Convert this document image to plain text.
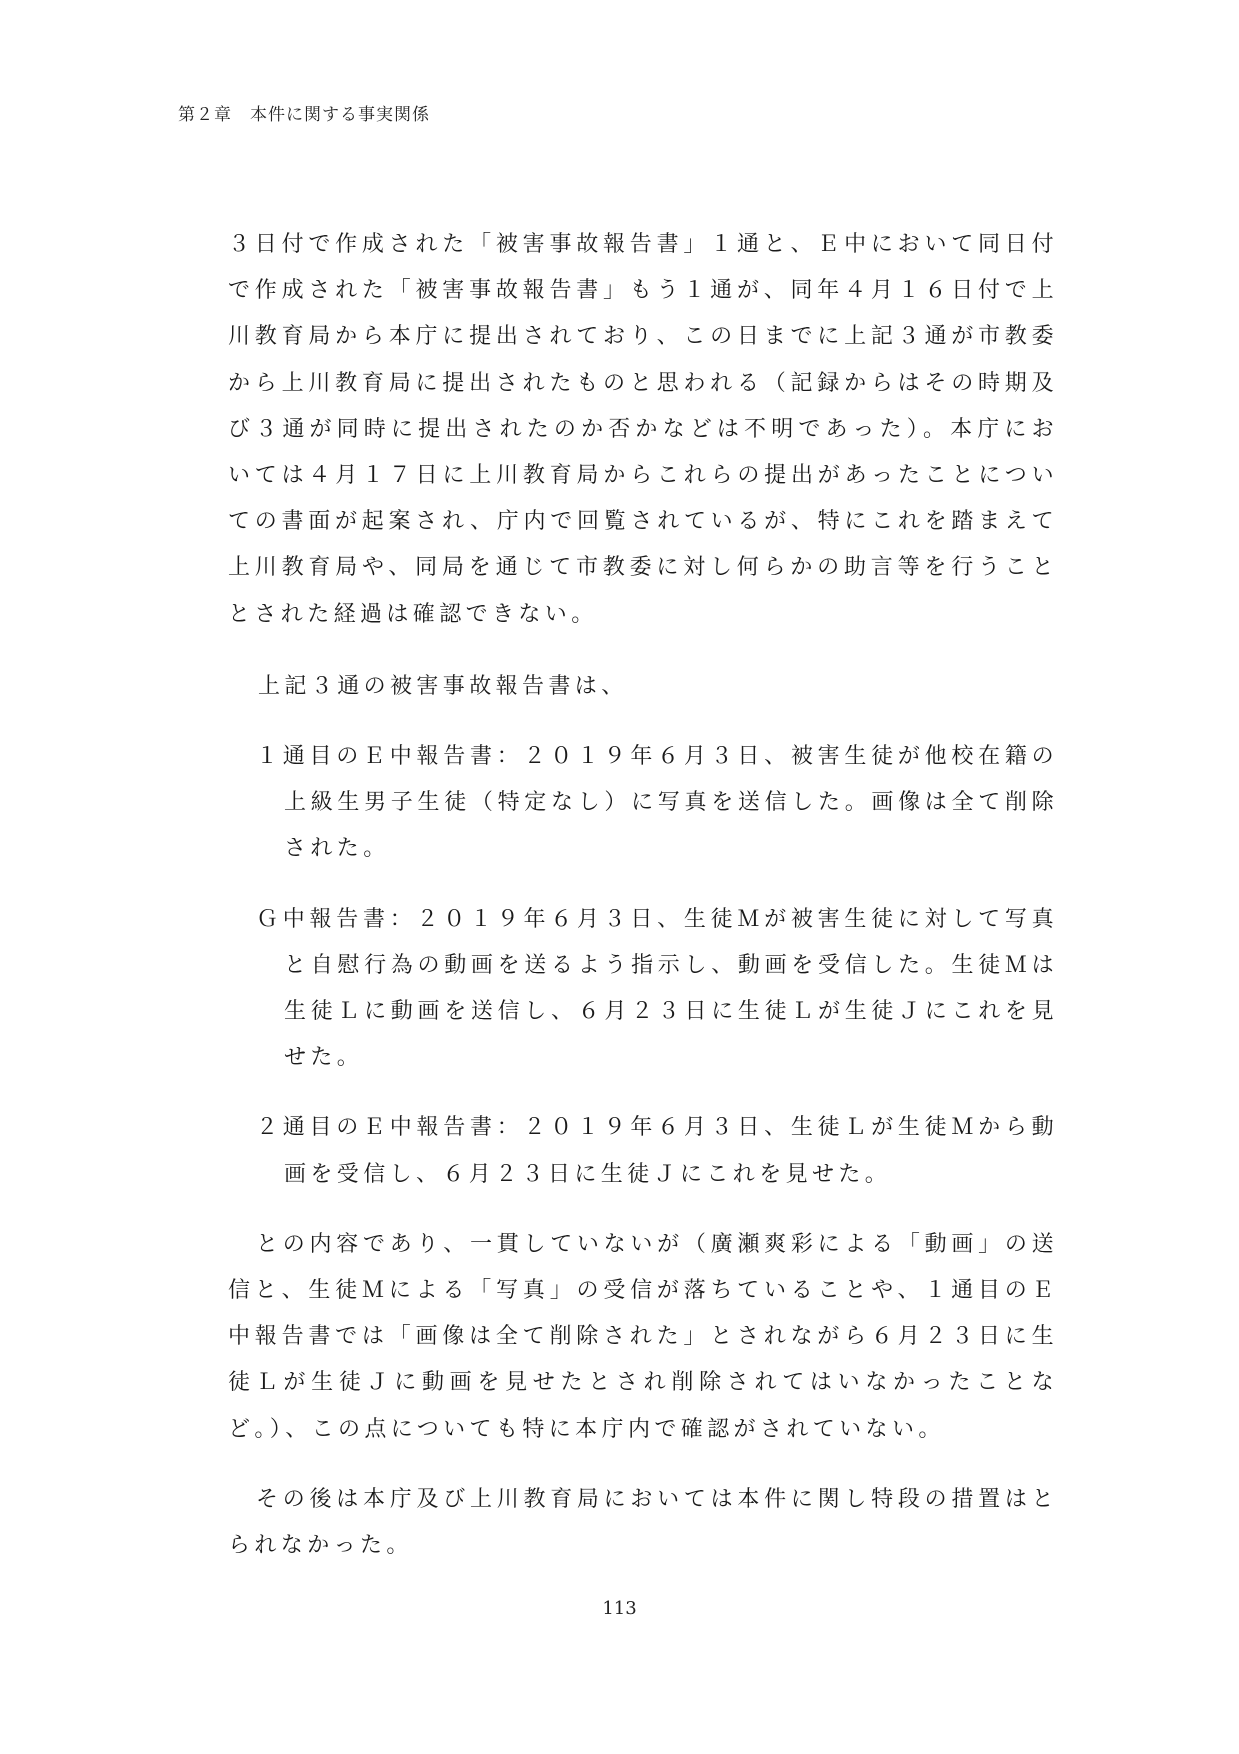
第２章　本件に関する事実関係

３日付で作成された「被害事故報告書」１通と、Ｅ中において同日付で作成された「被害事故報告書」もう１通が、同年４月１６日付で上川教育局から本庁に提出されており、この日までに上記３通が市教委から上川教育局に提出されたものと思われる（記録からはその時期及び３通が同時に提出されたのか否かなどは不明であった）。本庁においては４月１７日に上川教育局からこれらの提出があったことについての書面が起案され、庁内で回覧されているが、特にこれを踏まえて上川教育局や、同局を通じて市教委に対し何らかの助言等を行うこととされた経過は確認できない。

上記３通の被害事故報告書は、

１通目のＥ中報告書：２０１９年６月３日、被害生徒が他校在籍の上級生男子生徒（特定なし）に写真を送信した。画像は全て削除された。

Ｇ中報告書：２０１９年６月３日、生徒Ｍが被害生徒に対して写真と自慰行為の動画を送るよう指示し、動画を受信した。生徒Ｍは生徒Ｌに動画を送信し、６月２３日に生徒Ｌが生徒Ｊにこれを見せた。

２通目のＥ中報告書：２０１９年６月３日、生徒Ｌが生徒Ｍから動画を受信し、６月２３日に生徒Ｊにこれを見せた。

との内容であり、一貫していないが（廣瀬爽彩による「動画」の送信と、生徒Ｍによる「写真」の受信が落ちていることや、１通目のＥ中報告書では「画像は全て削除された」とされながら６月２３日に生徒Ｌが生徒Ｊに動画を見せたとされ削除されてはいなかったことなど。）、この点についても特に本庁内で確認がされていない。

その後は本庁及び上川教育局においては本件に関し特段の措置はとられなかった。

113
